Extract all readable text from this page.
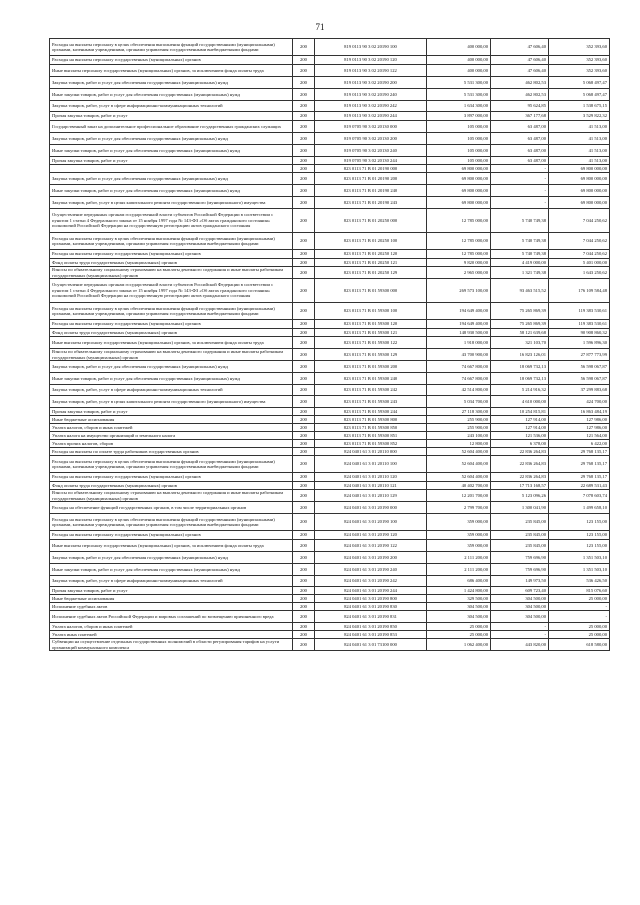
71
Расходы на выплаты персоналу в целях обеспечения выполнения функций государственными (муниципальными) органами, казенными учреждениями, органами управления государственными внебюджетными фондами	200	819 0113 90 3 02 20190 100	400 000,00	47 606,40	352 393,60
Расходы на выплаты персоналу государственных (муниципальных) органов	200	819 0113 90 3 02 20190 120	400 000,00	47 606,40	352 393,60
Иные выплаты персоналу государственных (муниципальных) органов, за исключением фонда оплаты труда	200	819 0113 90 3 02 20190 122	400 000,00	47 606,40	352 393,60
Закупка товаров, работ и услуг для обеспечения государственных (муниципальных) нужд	200	819 0113 90 3 02 20190 200	5 531 300,00	462 802,53	5 068 497,47
Иные закупки товаров, работ и услуг для обеспечения государственных (муниципальных) нужд	200	819 0113 90 3 02 20190 240	5 531 300,00	462 802,53	5 068 497,47
Закупка товаров, работ, услуг в сфере информационно-коммуникационных технологий	200	819 0113 90 3 02 20190 242	1 634 300,00	95 624,85	1 538 675,15
Прочая закупка товаров, работ и услуг	200	819 0113 90 3 02 20190 244	3 897 000,00	367 177,68	3 529 822,32
Государственный заказ на дополнительное профессиональное образование государственных гражданских служащих	200	819 0705 90 3 02 20130 000	105 000,00	63 487,00	41 513,00
Закупка товаров, работ и услуг для обеспечения государственных (муниципальных) нужд	200	819 0705 90 3 02 20130 200	105 000,00	63 487,00	41 513,00
Иные закупки товаров, работ и услуг для обеспечения государственных (муниципальных) нужд	200	819 0705 90 3 02 20130 240	105 000,00	63 487,00	41 513,00
Прочая закупка товаров, работ и услуг	200	819 0705 90 3 02 20130 244	105 000,00	63 487,00	41 513,00
	200	823 0113 71 В 01 20190 000	69 800 000,00	-	69 800 000,00
Закупка товаров, работ и услуг для обеспечения государственных (муниципальных) нужд	200	823 0113 71 В 01 20190 200	69 800 000,00	-	69 800 000,00
Иные закупки товаров, работ и услуг для обеспечения государственных (муниципальных) нужд	200	823 0113 71 В 01 20190 240	69 800 000,00	-	69 800 000,00
Закупка товаров, работ, услуг в целях капитального ремонта государственного (муниципального) имущества	200	823 0113 71 В 01 20190 243	69 800 000,00	-	69 800 000,00
Осуществление переданных органам государственной власти субъектов Российской Федерации в соответствии с пунктом 1 статьи 4 Федерального закона от 15 ноября 1997 года № 143-ФЗ «Об актах гражданского состояния» полномочий Российской Федерации на государственную регистрацию актов гражданского состояния	200	823 0113 71 В 01 20250 000	12 785 000,00	5 740 749,38	7 044 250,62
Расходы на выплаты персоналу в целях обеспечения выполнения функций государственными (муниципальными) органами, казенными учреждениями, органами управления государственными внебюджетными фондами	200	823 0113 71 В 01 20250 100	12 785 000,00	5 740 749,38	7 044 250,62
Расходы на выплаты персоналу государственных (муниципальных) органов	200	823 0113 71 В 01 20250 120	12 785 000,00	5 740 749,38	7 044 250,62
Фонд оплаты труда государственных (муниципальных) органов	200	823 0113 71 В 01 20250 121	9 820 000,00	4 419 000,00	5 401 000,00
Взносы по обязательному социальному страхованию на выплаты денежного содержания и иные выплаты работникам государственных (муниципальных) органов	200	823 0113 71 В 01 20250 129	2 965 000,00	1 321 749,38	1 643 250,62
Осуществление переданных органам государственной власти субъектов Российской Федерации в соответствии с пунктом 1 статьи 4 Федерального закона от 15 ноября 1997 года № 143-ФЗ «Об актах гражданского состояния» полномочий Российской Федерации на государственную регистрацию актов гражданского состояния	200	823 0113 71 В 01 59300 000	269 573 100,00	93 463 515,52	176 109 584,48
Расходы на выплаты персоналу в целях обеспечения выполнения функций государственными (муниципальными) органами, казенными учреждениями, органами управления государственными внебюджетными фондами	200	823 0113 71 В 01 59300 100	194 649 400,00	75 265 869,39	119 383 530,61
Расходы на выплаты персоналу государственных (муниципальных) органов	200	823 0113 71 В 01 59300 120	194 649 400,00	75 265 869,39	119 383 530,61
Фонд оплаты труда государственных (муниципальных) органов	200	823 0113 71 В 01 59300 121	148 930 500,00	58 121 639,68	90 908 860,32
Иные выплаты персоналу государственных (муниципальных) органов, за исключением фонда оплаты труда	200	823 0113 71 В 01 59300 122	1 918 000,00	321 103,70	1 596 896,30
Взносы по обязательному социальному страхованию на выплаты денежного содержания и иные выплаты работникам государственных (муниципальных) органов	200	823 0113 71 В 01 59300 129	43 700 900,00	16 823 126,01	27 877 773,99
Закупка товаров, работ и услуг для обеспечения государственных (муниципальных) нужд	200	823 0113 71 В 01 59300 200	74 667 800,00	18 069 732,13	56 598 067,87
Иные закупки товаров, работ и услуг для обеспечения государственных (муниципальных) нужд	200	823 0113 71 В 01 59300 240	74 667 800,00	18 069 732,13	56 598 067,87
Закупка товаров, работ, услуг в сфере информационно-коммуникационных технологий	200	823 0113 71 В 01 59300 242	42 514 800,00	5 214 916,32	37 299 883,68
Закупка товаров, работ, услуг в целях капитального ремонта государственного (муниципального) имущества	200	823 0113 71 В 01 59300 243	5 034 700,00	4 610 000,00	424 700,00
Прочая закупка товаров, работ и услуг	200	823 0113 71 В 01 59300 244	27 118 300,00	10 254 815,81	16 863 484,19
Иные бюджетные ассигнования	200	823 0113 71 В 01 59300 800	255 900,00	127 914,00	127 986,00
Уплата налогов, сборов и иных платежей	200	823 0113 71 В 01 59300 850	255 900,00	127 914,00	127 986,00
Уплата налога на имущество организаций и земельного налога	200	823 0113 71 В 01 59300 851	243 100,00	121 536,00	121 564,00
Уплата прочих налогов, сборов	200	823 0113 71 В 01 59300 852	12 800,00	6 378,00	6 422,00
Расходы на выплаты по оплате труда работников государственных органов	200	824 0401 61 3 01 20110 000	52 604 400,00	22 836 264,83	29 768 135,17
Расходы на выплаты персоналу в целях обеспечения выполнения функций государственными (муниципальными) органами, казенными учреждениями, органами управления государственными внебюджетными фондами	200	824 0401 61 3 01 20110 100	52 604 400,00	22 836 264,83	29 768 135,17
Расходы на выплаты персоналу государственных (муниципальных) органов	200	824 0401 61 3 01 20110 120	52 604 400,00	22 836 264,83	29 768 135,17
Фонд оплаты труда государственных (муниципальных) органов	200	824 0401 61 3 01 20110 121	40 402 700,00	17 713 168,57	22 689 531,43
Взносы по обязательному социальному страхованию на выплаты денежного содержания и иные выплаты работникам государственных (муниципальных) органов	200	824 0401 61 3 01 20110 129	12 201 700,00	5 123 096,26	7 078 603,74
Расходы на обеспечение функций государственных органов, в том числе территориальных органов	200	824 0401 61 3 01 20190 000	2 799 700,00	1 300 041,90	1 499 658,10
Расходы на выплаты персоналу в целях обеспечения выполнения функций государственными (муниципальными) органами, казенными учреждениями, органами управления государственными внебюджетными фондами	200	824 0401 61 3 01 20190 100	359 000,00	235 845,00	123 155,00
Расходы на выплаты персоналу государственных (муниципальных) органов	200	824 0401 61 3 01 20190 120	359 000,00	235 845,00	123 155,00
Иные выплаты персоналу государственных (муниципальных) органов, за исключением фонда оплаты труда	200	824 0401 61 3 01 20190 122	359 000,00	235 845,00	123 155,00
Закупка товаров, работ и услуг для обеспечения государственных (муниципальных) нужд	200	824 0401 61 3 01 20190 200	2 111 200,00	759 696,90	1 351 503,10
Иные закупки товаров, работ и услуг для обеспечения государственных (муниципальных) нужд	200	824 0401 61 3 01 20190 240	2 111 200,00	759 696,90	1 351 503,10
Закупка товаров, работ, услуг в сфере информационно-коммуникационных технологий	200	824 0401 61 3 01 20190 242	686 400,00	149 973,50	536 426,50
Прочая закупка товаров, работ и услуг	200	824 0401 61 3 01 20190 244	1 424 800,00	609 723,40	815 076,60
Иные бюджетные ассигнования	200	824 0401 61 3 01 20190 800	329 500,00	304 500,00	25 000,00
Исполнение судебных актов	200	824 0401 61 3 01 20190 830	304 500,00	304 500,00	-
Исполнение судебных актов Российской Федерации и мировых соглашений по возмещению причиненного вреда	200	824 0401 61 3 01 20190 831	304 500,00	304 500,00	-
Уплата налогов, сборов и иных платежей	200	824 0401 61 3 01 20190 850	25 000,00	-	25 000,00
Уплата иных платежей	200	824 0401 61 3 01 20190 853	25 000,00	-	25 000,00
Субвенции на осуществление отдельных государственных полномочий в области регулирования тарифов на услуги организаций коммунального комплекса	200	824 0401 61 3 01 73100 000	1 062 400,00	443 820,00	618 580,00
